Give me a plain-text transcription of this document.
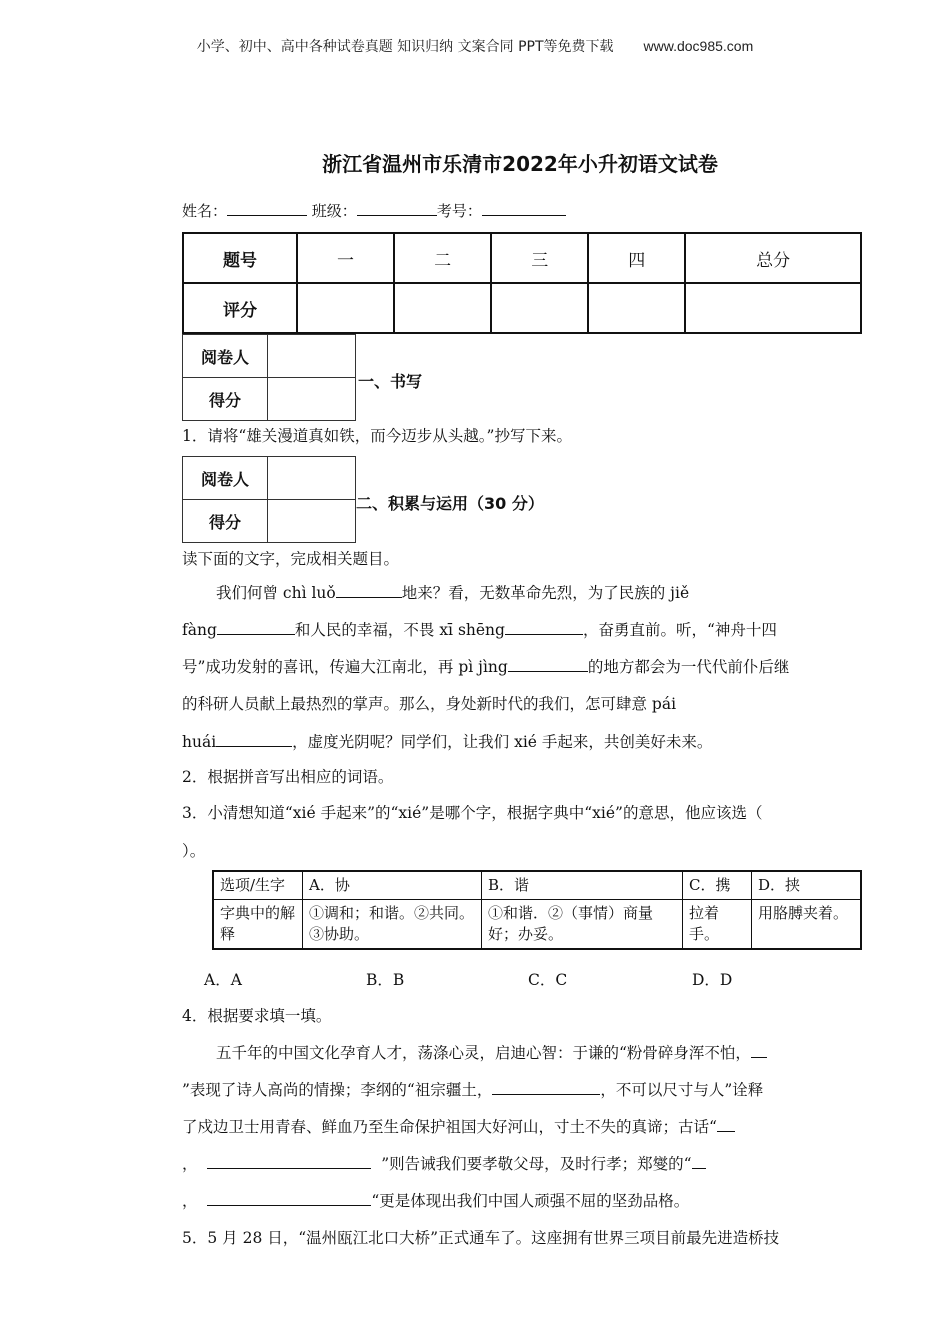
小学、初中、高中各种试卷真题 知识归纳 文案合同 PPT等免费下载 www.doc985.com
浙江省温州市乐清市2022年小升初语文试卷
姓名：	班级：	考号：
题号	一	二	三	四	总分
评分					
阅卷人	
得分	
一、书写
1．请将“雄关漫道真如铁，而今迈步从头越。”抄写下来。
阅卷人	
得分	
二、积累与运用（30 分）
读下面的文字，完成相关题目。
我们何曾 chì luǒ	地来？看，无数革命先烈，为了民族的 jiě
fàng	和人民的幸福，不畏 xī shēng	，奋勇直前。听，“神舟十四
号”成功发射的喜讯，传遍大江南北，再 pì jìng	的地方都会为一代代前仆后继
的科研人员献上最热烈的掌声。那么，身处新时代的我们，怎可肆意 pái
huái	，虚度光阴呢？同学们，让我们 xié 手起来，共创美好未来。
2．根据拼音写出相应的词语。
3．小清想知道“xié 手起来”的“xié”是哪个字，根据字典中“xié”的意思，他应该选（
）。
选项/生字	A．协	B．谐	C．携	D．挟
字典中的解释	①调和；和谐。②共同。③协助。	①和谐．②（事情）商量好；办妥。	拉着手。	用胳膊夹着。
A．A	B．B	C．C	D．D
4．根据要求填一填。
五千年的中国文化孕育人才，荡涤心灵，启迪心智：于谦的“粉骨碎身浑不怕，
”表现了诗人高尚的情操；李纲的“祖宗疆土，	，不可以尺寸与人”诠释
了戍边卫士用青春、鲜血乃至生命保护祖国大好河山，寸土不失的真谛；古话“
，	”则告诫我们要孝敬父母，及时行孝；郑燮的“
，	“更是体现出我们中国人顽强不屈的坚劲品格。
5．5 月 28 日，“温州瓯江北口大桥”正式通车了。这座拥有世界三项目前最先进造桥技
